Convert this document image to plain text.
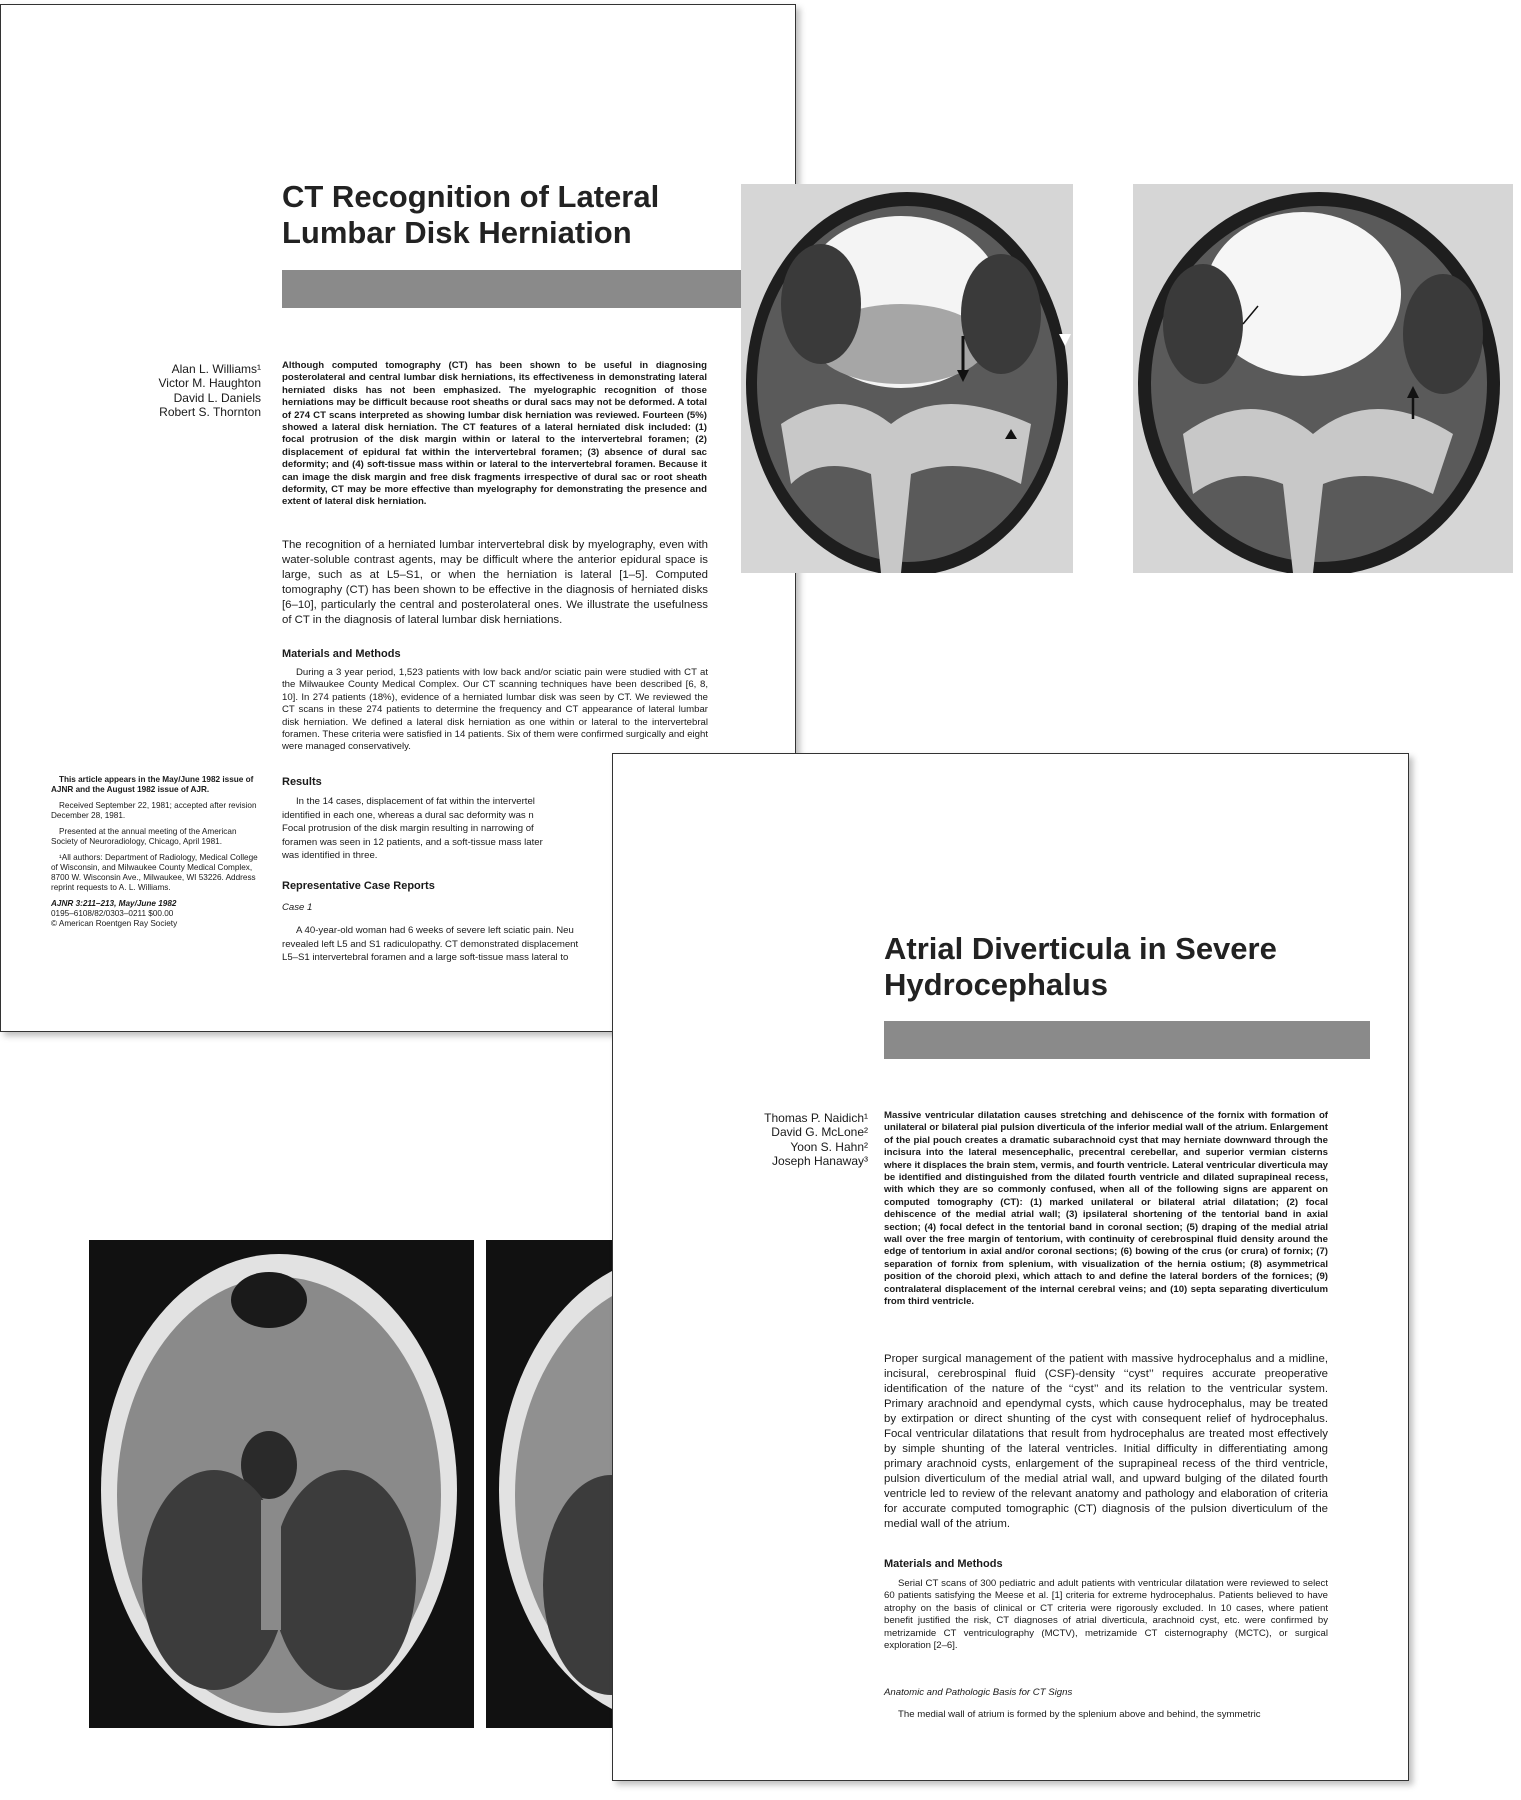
CT Recognition of Lateral Lumbar Disk Herniation
Alan L. Williams¹
Victor M. Haughton
David L. Daniels
Robert S. Thornton

Although computed tomography (CT) has been shown to be useful in diagnosing posterolateral and central lumbar disk herniations, its effectiveness in demonstrating lateral herniated disks has not been emphasized. The myelographic recognition of those herniations may be difficult because root sheaths or dural sacs may not be deformed. A total of 274 CT scans interpreted as showing lumbar disk herniation was reviewed. Fourteen (5%) showed a lateral disk herniation. The CT features of a lateral herniated disk included: (1) focal protrusion of the disk margin within or lateral to the intervertebral foramen; (2) displacement of epidural fat within the intervertebral foramen; (3) absence of dural sac deformity; and (4) soft-tissue mass within or lateral to the intervertebral foramen. Because it can image the disk margin and free disk fragments irrespective of dural sac or root sheath deformity, CT may be more effective than myelography for demonstrating the presence and extent of lateral disk herniation.

The recognition of a herniated lumbar intervertebral disk by myelography, even with water-soluble contrast agents, may be difficult where the anterior epidural space is large, such as at L5–S1, or when the herniation is lateral [1–5]. Computed tomography (CT) has been shown to be effective in the diagnosis of herniated disks [6–10], particularly the central and posterolateral ones. We illustrate the usefulness of CT in the diagnosis of lateral lumbar disk herniations.

Materials and Methods

During a 3 year period, 1,523 patients with low back and/or sciatic pain were studied with CT at the Milwaukee County Medical Complex. Our CT scanning techniques have been described [6, 8, 10]. In 274 patients (18%), evidence of a herniated lumbar disk was seen by CT. We reviewed the CT scans in these 274 patients to determine the frequency and CT appearance of lateral lumbar disk herniation. We defined a lateral disk herniation as one within or lateral to the intervertebral foramen. These criteria were satisfied in 14 patients. Six of them were confirmed surgically and eight were managed conservatively.

Results
In the 14 cases, displacement of fat within the intervertel
identified in each one, whereas a dural sac deformity was n
Focal protrusion of the disk margin resulting in narrowing of
foramen was seen in 12 patients, and a soft-tissue mass later
was identified in three.
Representative Case Reports
Case 1
A 40-year-old woman had 6 weeks of severe left sciatic pain. Neu
revealed left L5 and S1 radiculopathy. CT demonstrated displacement
L5–S1 intervertebral foramen and a large soft-tissue mass lateral to

This article appears in the May/June 1982 issue of AJNR and the August 1982 issue of AJR.

Received September 22, 1981; accepted after revision December 28, 1981.

Presented at the annual meeting of the American Society of Neuroradiology, Chicago, April 1981.

¹All authors: Department of Radiology, Medical College of Wisconsin, and Milwaukee County Medical Complex, 8700 W. Wisconsin Ave., Milwaukee, WI 53226. Address reprint requests to A. L. Williams.

AJNR 3:211–213, May/June 1982
0195–6108/82/0303–0211 $00.00
© American Roentgen Ray Society
Atrial Diverticula in Severe Hydrocephalus
Thomas P. Naidich¹
David G. McLone²
Yoon S. Hahn²
Joseph Hanaway³

Massive ventricular dilatation causes stretching and dehiscence of the fornix with formation of unilateral or bilateral pial pulsion diverticula of the inferior medial wall of the atrium. Enlargement of the pial pouch creates a dramatic subarachnoid cyst that may herniate downward through the incisura into the lateral mesencephalic, precentral cerebellar, and superior vermian cisterns where it displaces the brain stem, vermis, and fourth ventricle. Lateral ventricular diverticula may be identified and distinguished from the dilated fourth ventricle and dilated suprapineal recess, with which they are so commonly confused, when all of the following signs are apparent on computed tomography (CT): (1) marked unilateral or bilateral atrial dilatation; (2) focal dehiscence of the medial atrial wall; (3) ipsilateral shortening of the tentorial band in axial section; (4) focal defect in the tentorial band in coronal section; (5) draping of the medial atrial wall over the free margin of tentorium, with continuity of cerebrospinal fluid density around the edge of tentorium in axial and/or coronal sections; (6) bowing of the crus (or crura) of fornix; (7) separation of fornix from splenium, with visualization of the hernia ostium; (8) asymmetrical position of the choroid plexi, which attach to and define the lateral borders of the fornices; (9) contralateral displacement of the internal cerebral veins; and (10) septa separating diverticulum from third ventricle.

Proper surgical management of the patient with massive hydrocephalus and a midline, incisural, cerebrospinal fluid (CSF)-density ‘‘cyst’’ requires accurate preoperative identification of the nature of the ‘‘cyst’’ and its relation to the ventricular system. Primary arachnoid and ependymal cysts, which cause hydrocephalus, may be treated by extirpation or direct shunting of the cyst with consequent relief of hydrocephalus. Focal ventricular dilatations that result from hydrocephalus are treated most effectively by simple shunting of the lateral ventricles. Initial difficulty in differentiating among primary arachnoid cysts, enlargement of the suprapineal recess of the third ventricle, pulsion diverticulum of the medial atrial wall, and upward bulging of the dilated fourth ventricle led to review of the relevant anatomy and pathology and elaboration of criteria for accurate computed tomographic (CT) diagnosis of the pulsion diverticulum of the medial wall of the atrium.

Materials and Methods

Serial CT scans of 300 pediatric and adult patients with ventricular dilatation were reviewed to select 60 patients satisfying the Meese et al. [1] criteria for extreme hydrocephalus. Patients believed to have atrophy on the basis of clinical or CT criteria were rigorously excluded. In 10 cases, where patient benefit justified the risk, CT diagnoses of atrial diverticula, arachnoid cyst, etc. were confirmed by metrizamide CT ventriculography (MCTV), metrizamide CT cisternography (MCTC), or surgical exploration [2–6].

Anatomic and Pathologic Basis for CT Signs
The medial wall of atrium is formed by the splenium above and behind, the symmetric
